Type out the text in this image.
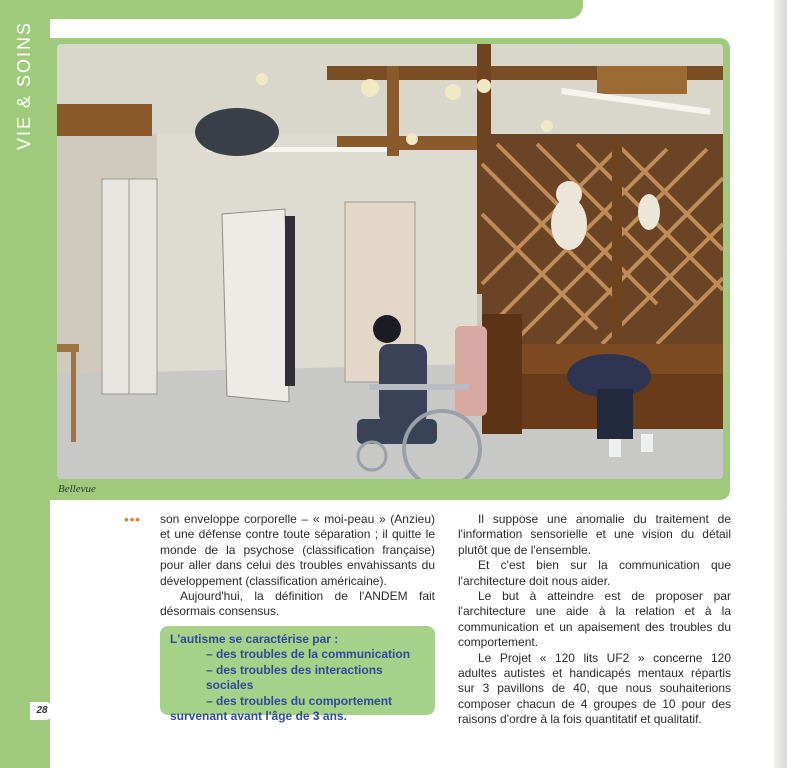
VIE & SOINS
Bellevue
••• son enveloppe corporelle – « moi-peau » (Anzieu) et une défense contre toute séparation ; il quitte le monde de la psychose (classification française) pour aller dans celui des troubles envahissants du développement (classification américaine).

Aujourd'hui, la définition de l'ANDEM fait désormais consensus.

L'autisme se caractérise par :
– des troubles de la communication
– des troubles des interactions sociales
– des troubles du comportement
survenant avant l'âge de 3 ans.

Il suppose une anomalie du traitement de l'information sensorielle et une vision du détail plutôt que de l'ensemble.

Et c'est bien sur la communication que l'architecture doit nous aider.

Le but à atteindre est de proposer par l'architecture une aide à la relation et à la communication et un apaisement des troubles du comportement.

Le Projet « 120 lits UF2 » concerne 120 adultes autistes et handicapés mentaux répartis sur 3 pavillons de 40, que nous souhaiterions composer chacun de 4 groupes de 10 pour des raisons d'ordre à la fois quantitatif et qualitatif.

28
